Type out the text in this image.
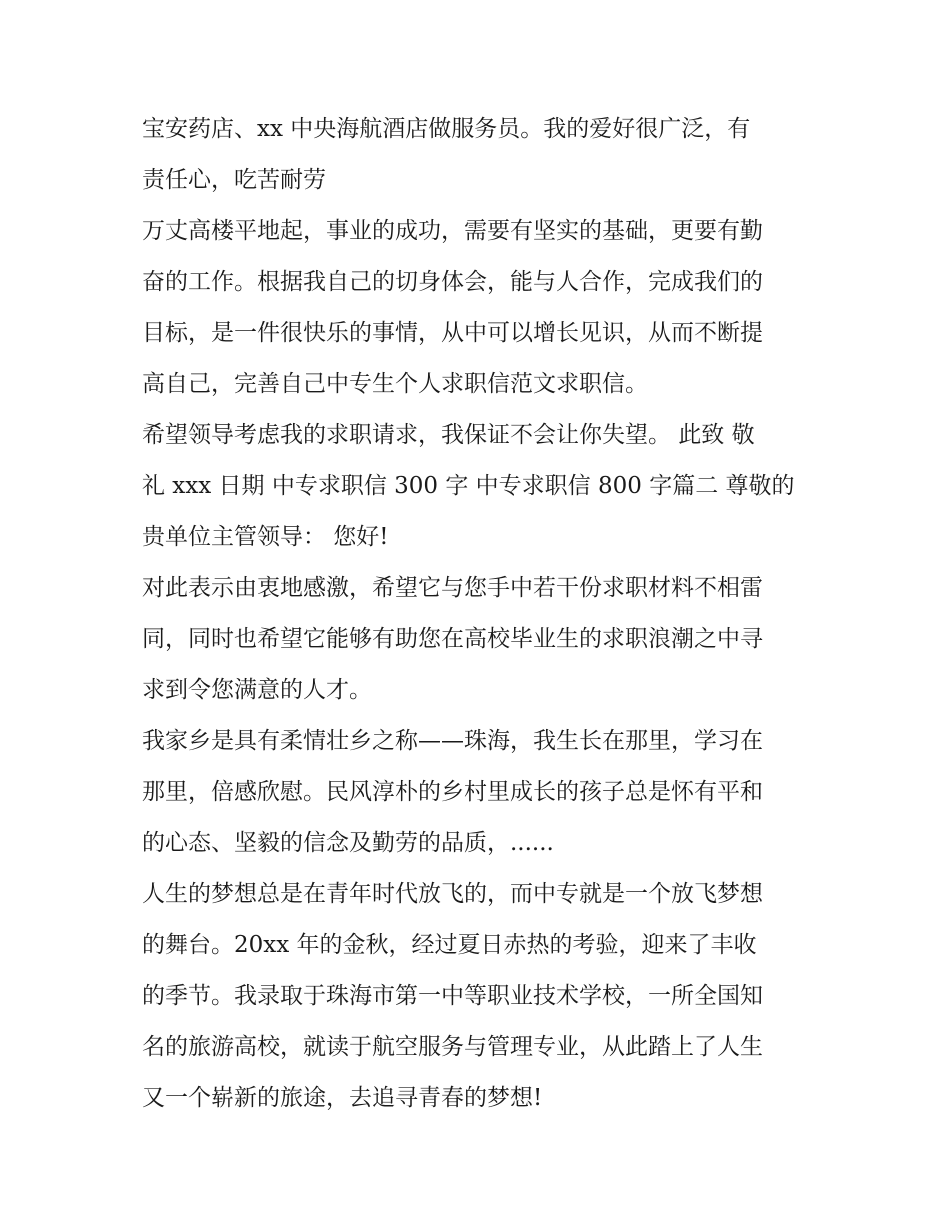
宝安药店、xx 中央海航酒店做服务员。我的爱好很广泛，有
责任心，吃苦耐劳
万丈高楼平地起，事业的成功，需要有坚实的基础，更要有勤
奋的工作。根据我自己的切身体会，能与人合作，完成我们的
目标，是一件很快乐的事情，从中可以增长见识，从而不断提
高自己，完善自己中专生个人求职信范文求职信。
希望领导考虑我的求职请求，我保证不会让你失望。 此致 敬
礼 xxx 日期 中专求职信 300 字 中专求职信 800 字篇二 尊敬的
贵单位主管领导： 您好!
对此表示由衷地感激，希望它与您手中若干份求职材料不相雷
同，同时也希望它能够有助您在高校毕业生的求职浪潮之中寻
求到令您满意的人才。
我家乡是具有柔情壮乡之称——珠海，我生长在那里，学习在
那里，倍感欣慰。民风淳朴的乡村里成长的孩子总是怀有平和
的心态、坚毅的信念及勤劳的品质，......
人生的梦想总是在青年时代放飞的，而中专就是一个放飞梦想
的舞台。20xx 年的金秋，经过夏日赤热的考验，迎来了丰收
的季节。我录取于珠海市第一中等职业技术学校，一所全国知
名的旅游高校，就读于航空服务与管理专业，从此踏上了人生
又一个崭新的旅途，去追寻青春的梦想!
